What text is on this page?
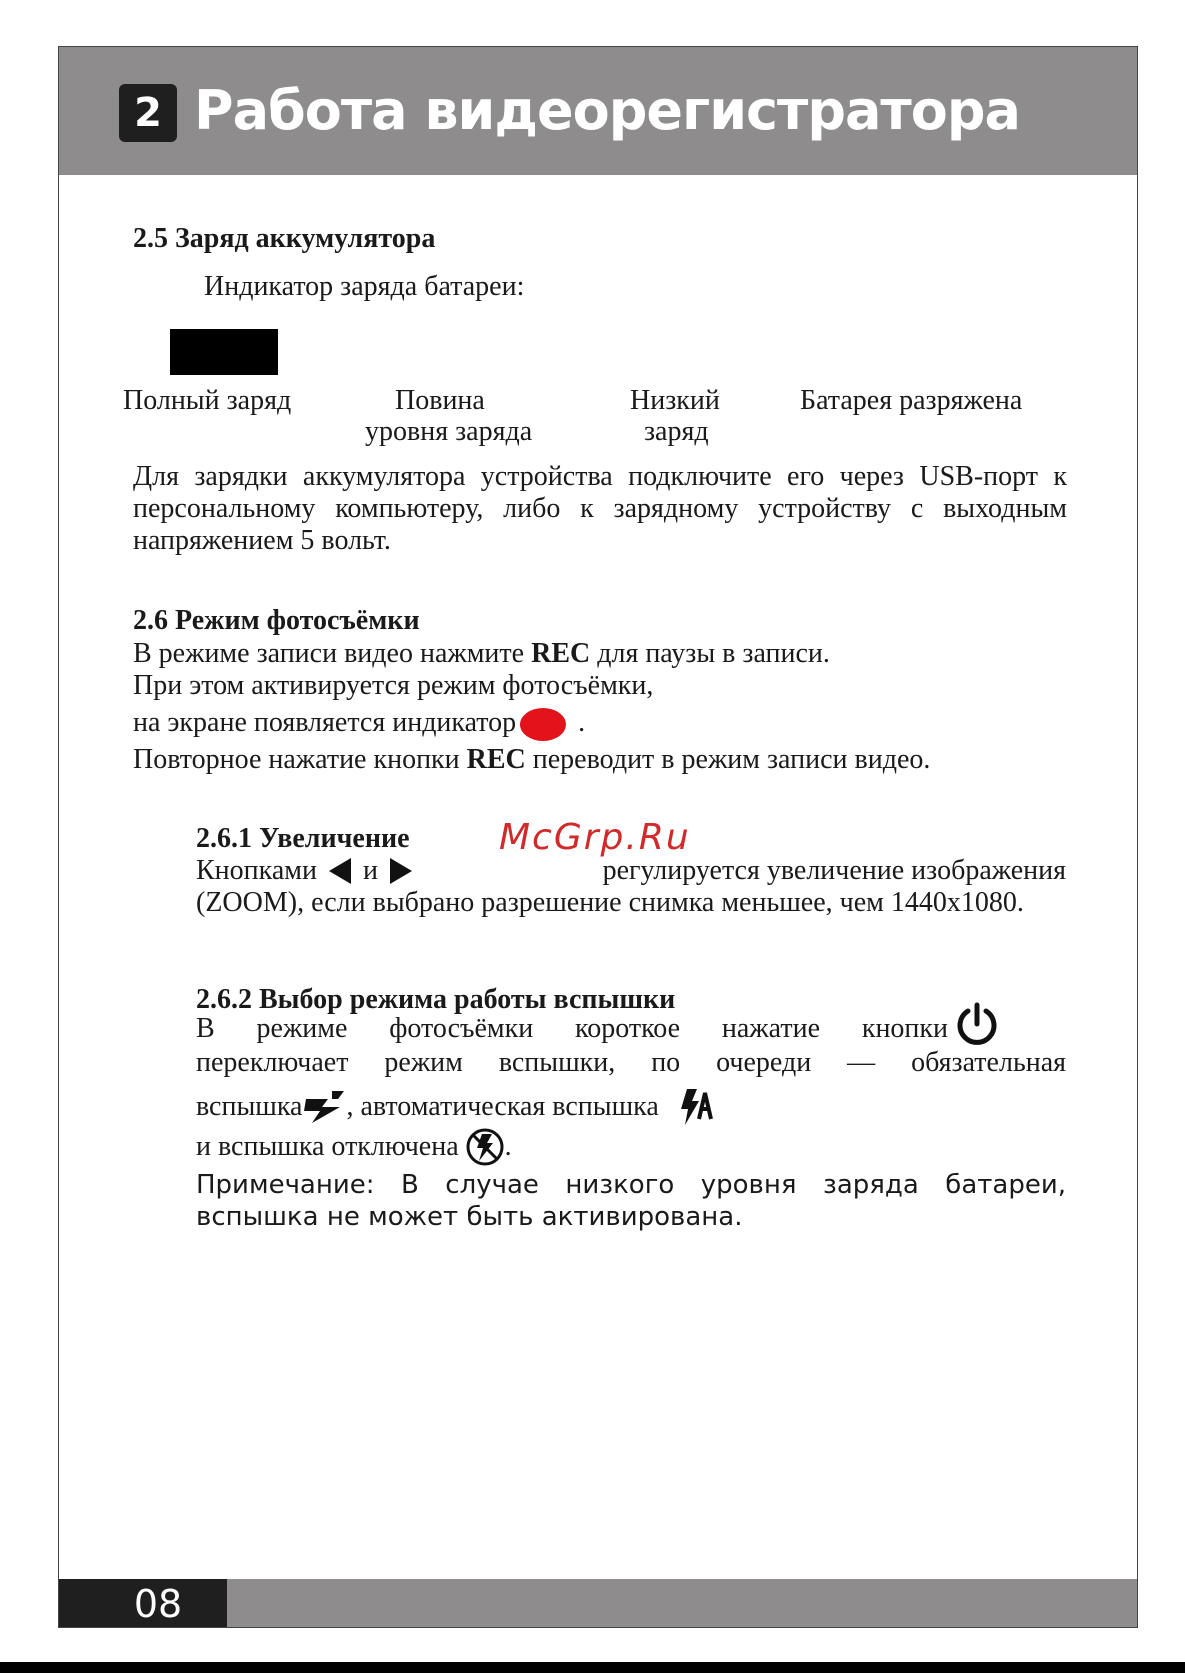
2 Работа видеорегистратора
2.5 Заряд аккумулятора
Индикатор заряда батареи:
Полный заряд	Повина
уровня заряда
Низкий
заряд
Батарея разряжена
Для зарядки аккумулятора устройства подключите его через USB-порт к персональному компьютеру, либо к зарядному устройству с выходным напряжением 5 вольт.
2.6 Режим фотосъёмки
В режиме записи видео нажмите REC для паузы в записи.
При этом активируется режим фотосъёмки,
на экране появляется индикатор .
Повторное нажатие кнопки REC переводит в режим записи видео.
2.6.1 Увеличение McGrp.Ru
Кнопками и	регулируется увеличение изображения
(ZOOM), если выбрано разрешение снимка меньшее, чем 1440x1080.
2.6.2 Выбор режима работы вспышки
В режиме фотосъёмки короткое нажатие кнопки
переключает режим вспышки, по очереди — обязательная
вспышка , автоматическая вспышка
и вспышка отключена .
Примечание: В случае низкого уровня заряда батареи, вспышка не может быть активирована.
08
